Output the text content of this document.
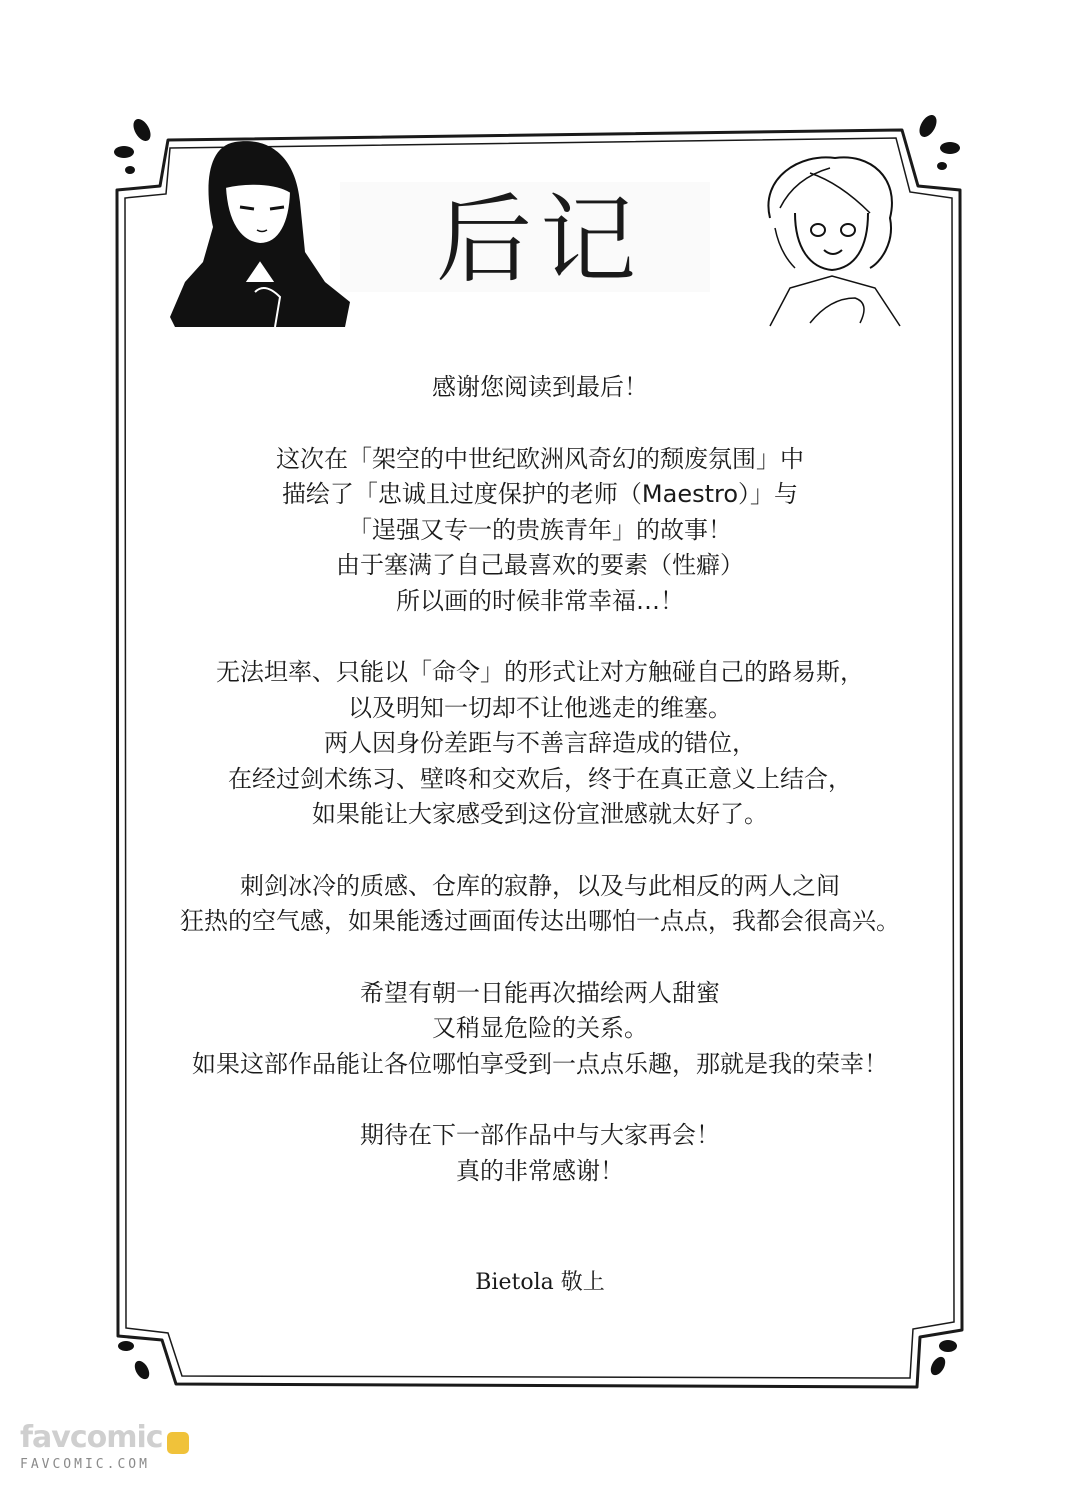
后记

感谢您阅读到最后！

这次在「架空的中世纪欧洲风奇幻的颓废氛围」中

描绘了「忠诚且过度保护的老师（Maestro）」与

「逞强又专一的贵族青年」的故事！

由于塞满了自己最喜欢的要素（性癖）

所以画的时候非常幸福…！

无法坦率、只能以「命令」的形式让对方触碰自己的路易斯，

以及明知一切却不让他逃走的维塞。

两人因身份差距与不善言辞造成的错位，

在经过剑术练习、壁咚和交欢后，终于在真正意义上结合，

如果能让大家感受到这份宣泄感就太好了。

刺剑冰冷的质感、仓库的寂静，以及与此相反的两人之间

狂热的空气感，如果能透过画面传达出哪怕一点点，我都会很高兴。

希望有朝一日能再次描绘两人甜蜜

又稍显危险的关系。

如果这部作品能让各位哪怕享受到一点点乐趣，那就是我的荣幸！

期待在下一部作品中与大家再会！

真的非常感谢！

Bietola 敬上
favcomic
FAVCOMIC.COM
